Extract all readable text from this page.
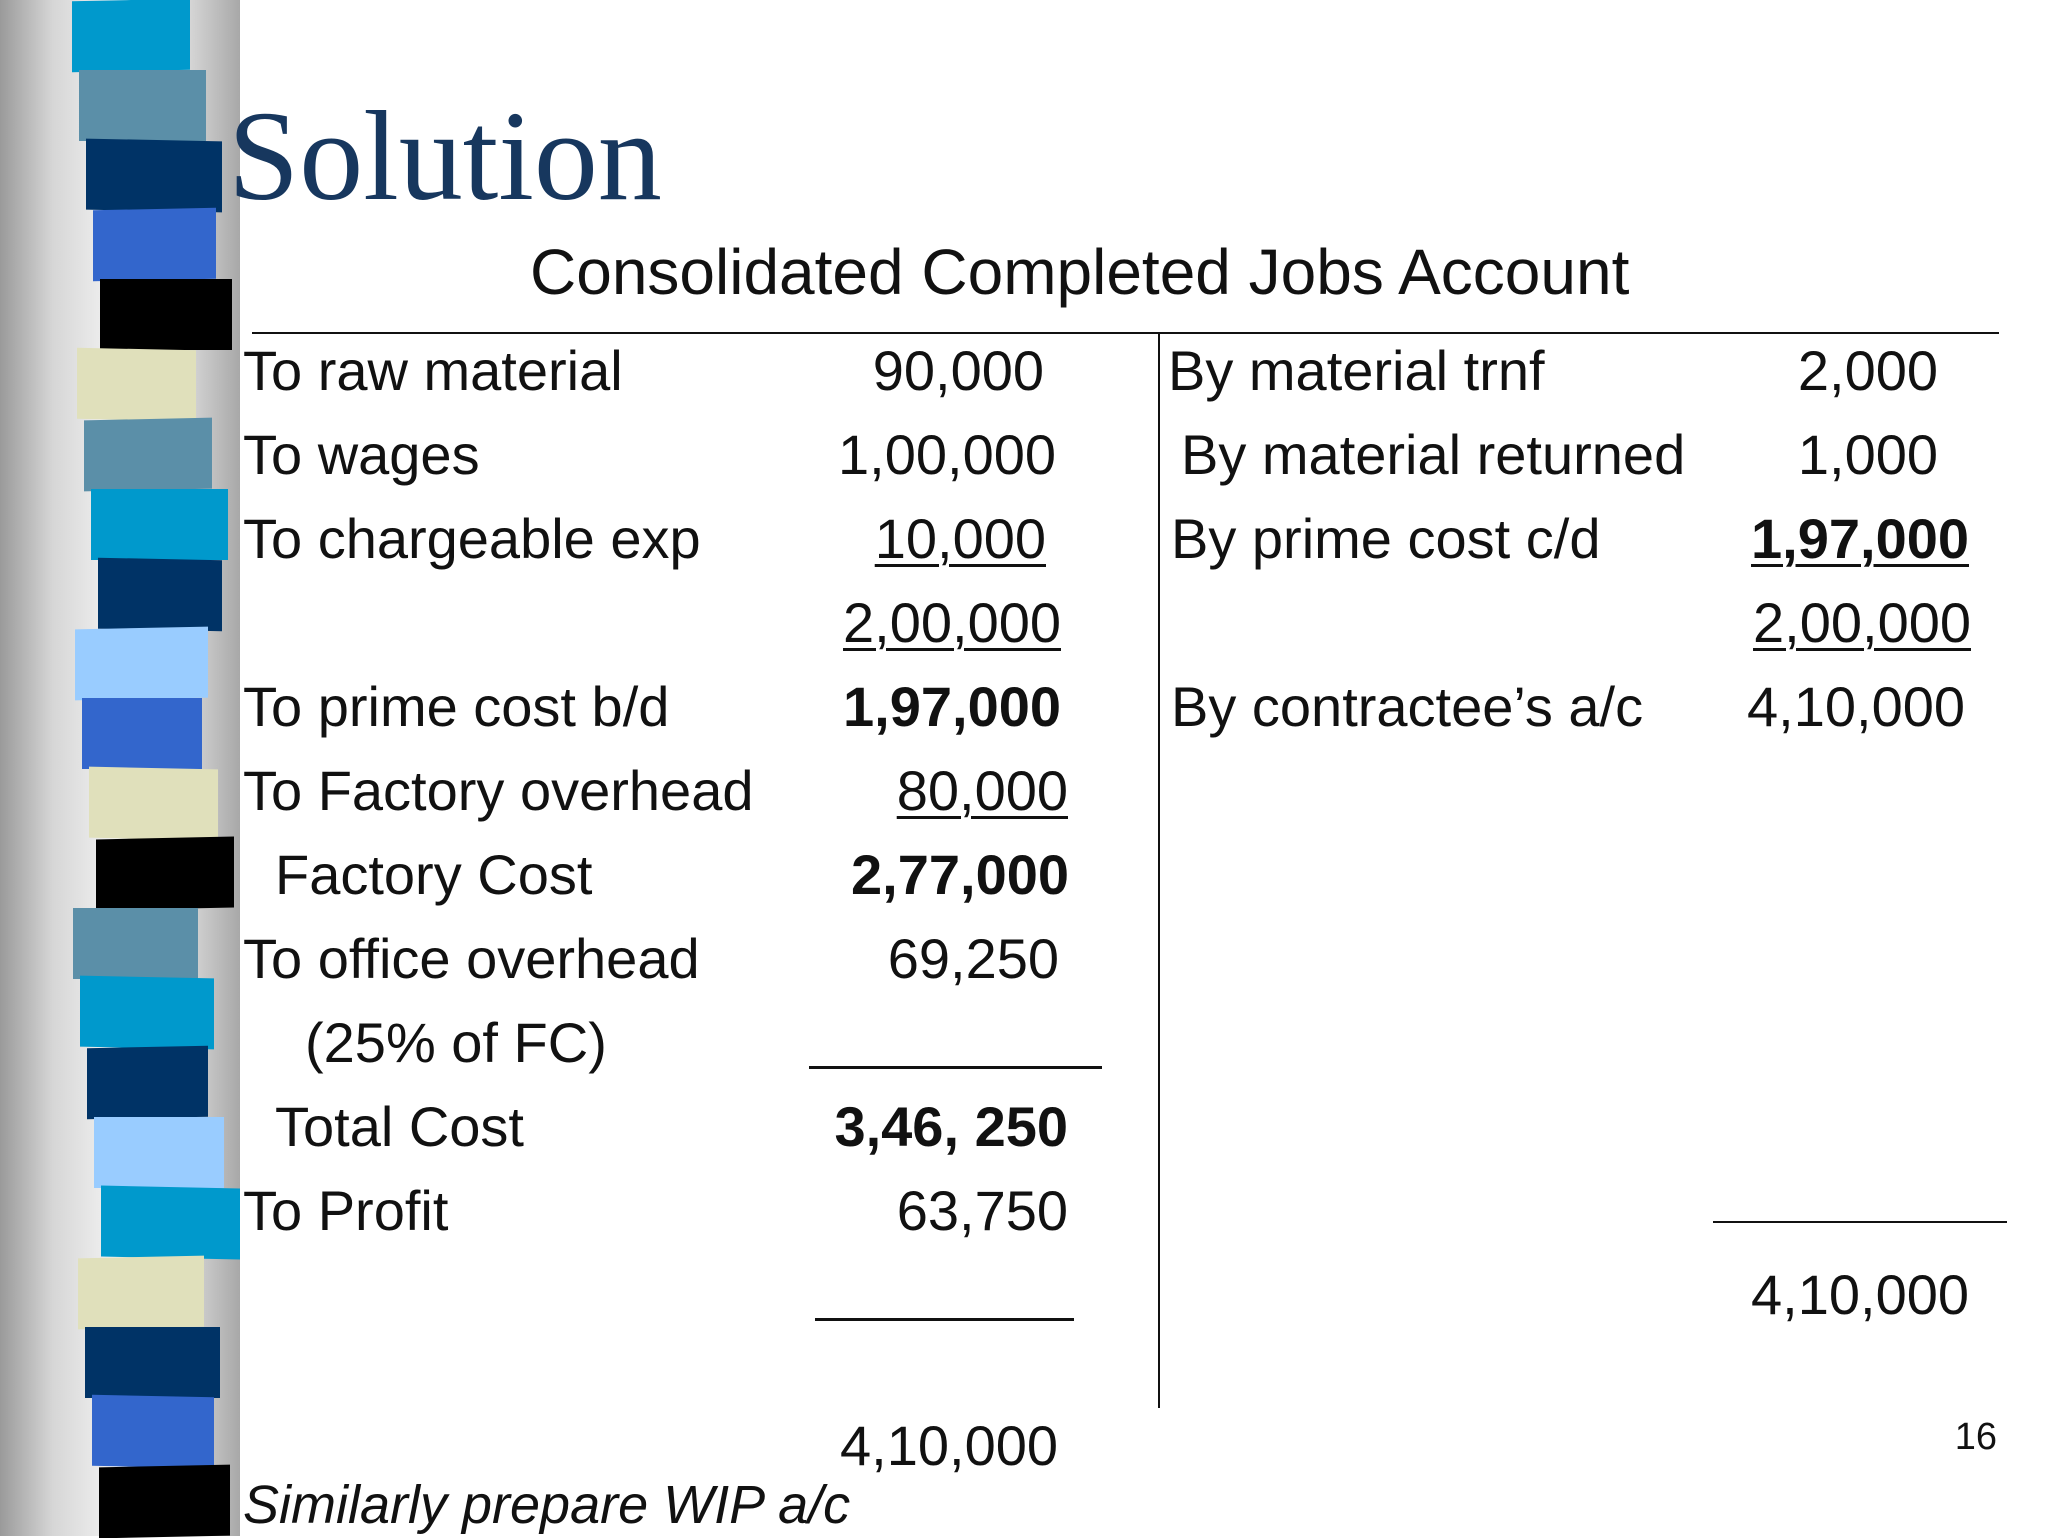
Solution
Consolidated Completed Jobs Account
To raw material	90,000
To wages	1,00,000
To chargeable exp	10,000
2,00,000
To prime cost b/d	1,97,000
To Factory overhead	80,000
Factory Cost	2,77,000
To office overhead	69,250
(25% of FC)
Total Cost	3,46, 250
To Profit	63,750
4,10,000
By material trnf	2,000
By material returned 1,000
By prime cost c/d	1,97,000
2,00,000
By contractee’s a/c 4,10,000
4,10,000
Similarly prepare WIP a/c
16
